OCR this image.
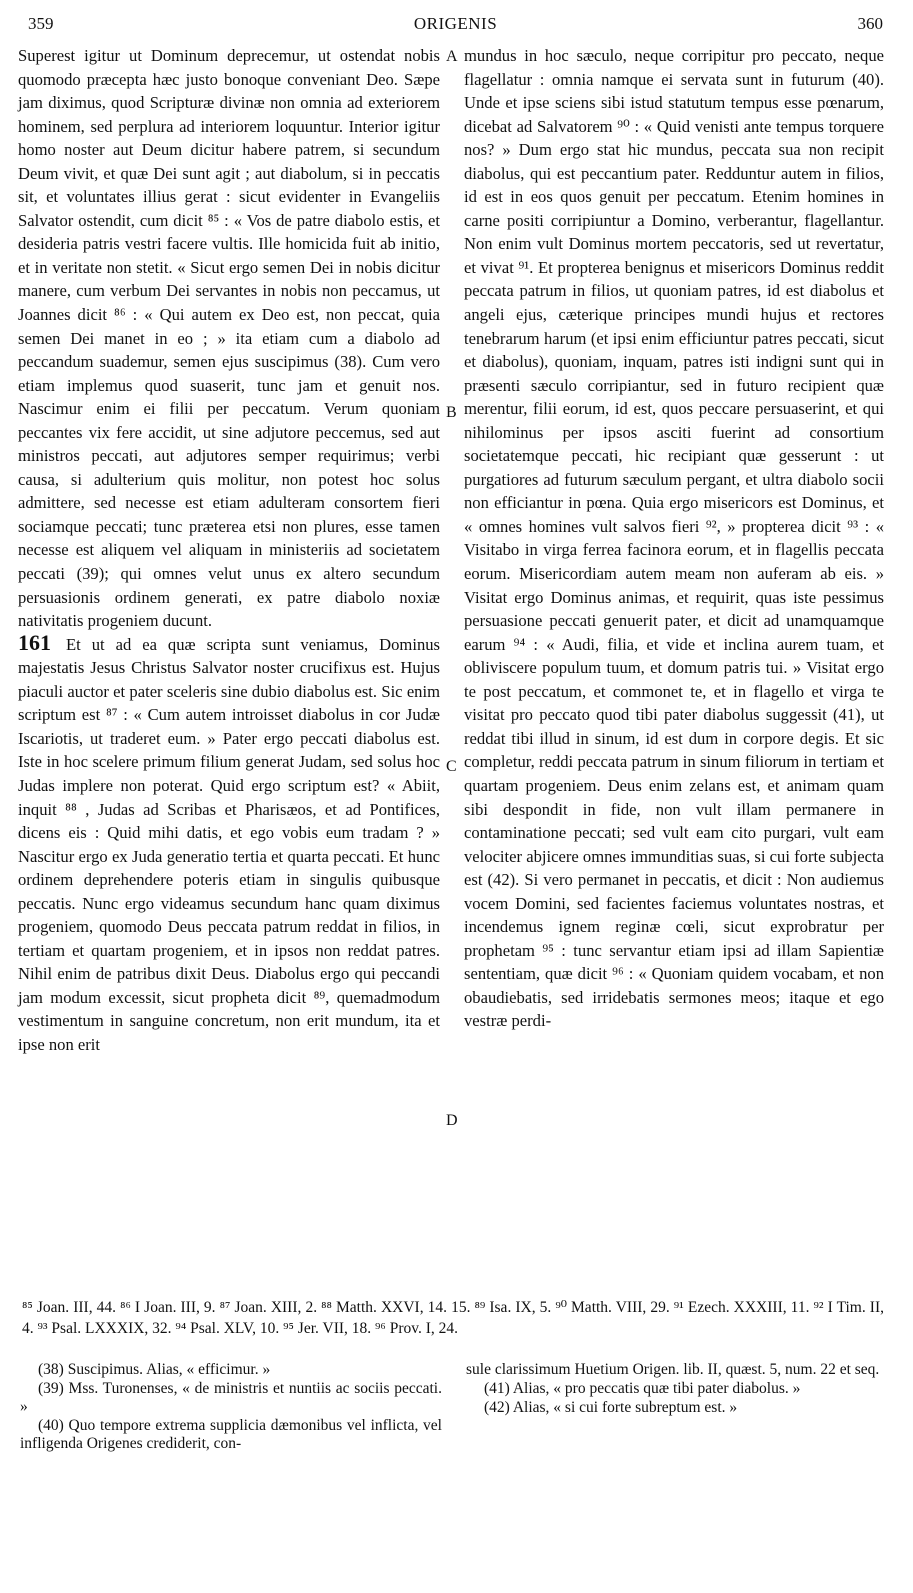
359	ORIGENIS	360

Superest igitur ut Dominum deprecemur, ut ostendat nobis quomodo præcepta hæc justo bonoque conveniant Deo. Sæpe jam diximus, quod Scripturæ divinæ non omnia ad exteriorem hominem, sed perplura ad interiorem loquuntur. Interior igitur homo noster aut Deum dicitur habere patrem, si secundum Deum vivit, et quæ Dei sunt agit ; aut diabolum, si in peccatis sit, et voluntates illius gerat : sicut evidenter in Evangeliis Salvator ostendit, cum dicit ⁸⁵ : « Vos de patre diabolo estis, et desideria patris vestri facere vultis. Ille homicida fuit ab initio, et in veritate non stetit. « Sicut ergo semen Dei in nobis dicitur manere, cum verbum Dei servantes in nobis non peccamus, ut Joannes dicit ⁸⁶ : « Qui autem ex Deo est, non peccat, quia semen Dei manet in eo ; » ita etiam cum a diabolo ad peccandum suademur, semen ejus suscipimus (38). Cum vero etiam implemus quod suaserit, tunc jam et genuit nos. Nascimur enim ei filii per peccatum. Verum quoniam peccantes vix fere accidit, ut sine adjutore peccemus, sed aut ministros peccati, aut adjutores semper requirimus; verbi causa, si adulterium quis molitur, non potest hoc solus admittere, sed necesse est etiam adulteram consortem fieri sociamque peccati; tunc præterea etsi non plures, esse tamen necesse est aliquem vel aliquam in ministeriis ad societatem peccati (39); qui omnes velut unus ex altero secundum persuasionis ordinem generati, ex patre diabolo noxiæ nativitatis progeniem ducunt.

161 Et ut ad ea quæ scripta sunt veniamus, Dominus majestatis Jesus Christus Salvator noster crucifixus est. Hujus piaculi auctor et pater sceleris sine dubio diabolus est. Sic enim scriptum est ⁸⁷ : « Cum autem introisset diabolus in cor Judæ Iscariotis, ut traderet eum. » Pater ergo peccati diabolus est. Iste in hoc scelere primum filium generat Judam, sed solus hoc Judas implere non poterat. Quid ergo scriptum est? « Abiit, inquit ⁸⁸ , Judas ad Scribas et Pharisæos, et ad Pontifices, dicens eis : Quid mihi datis, et ego vobis eum tradam ? » Nascitur ergo ex Juda generatio tertia et quarta peccati. Et hunc ordinem deprehendere poteris etiam in singulis quibusque peccatis. Nunc ergo videamus secundum hanc quam diximus progeniem, quomodo Deus peccata patrum reddat in filios, in tertiam et quartam progeniem, et in ipsos non reddat patres. Nihil enim de patribus dixit Deus. Diabolus ergo qui peccandi jam modum excessit, sicut propheta dicit ⁸⁹, quemadmodum vestimentum in sanguine concretum, non erit mundum, ita et ipse non erit

A
B
C
D

mundus in hoc sæculo, neque corripitur pro peccato, neque flagellatur : omnia namque ei servata sunt in futurum (40). Unde et ipse sciens sibi istud statutum tempus esse pœnarum, dicebat ad Salvatorem ⁹⁰ : « Quid venisti ante tempus torquere nos? » Dum ergo stat hic mundus, peccata sua non recipit diabolus, qui est peccantium pater. Redduntur autem in filios, id est in eos quos genuit per peccatum. Etenim homines in carne positi corripiuntur a Domino, verberantur, flagellantur. Non enim vult Dominus mortem peccatoris, sed ut revertatur, et vivat ⁹¹. Et propterea benignus et misericors Dominus reddit peccata patrum in filios, ut quoniam patres, id est diabolus et angeli ejus, cæterique principes mundi hujus et rectores tenebrarum harum (et ipsi enim efficiuntur patres peccati, sicut et diabolus), quoniam, inquam, patres isti indigni sunt qui in præsenti sæculo corripiantur, sed in futuro recipient quæ merentur, filii eorum, id est, quos peccare persuaserint, et qui nihilominus per ipsos asciti fuerint ad consortium societatemque peccati, hic recipiant quæ gesserunt : ut purgatiores ad futurum sæculum pergant, et ultra diabolo socii non efficiantur in pœna. Quia ergo misericors est Dominus, et « omnes homines vult salvos fieri ⁹², » propterea dicit ⁹³ : « Visitabo in virga ferrea facinora eorum, et in flagellis peccata eorum. Misericordiam autem meam non auferam ab eis. » Visitat ergo Dominus animas, et requirit, quas iste pessimus persuasione peccati genuerit pater, et dicit ad unamquamque earum ⁹⁴ : « Audi, filia, et vide et inclina aurem tuam, et obliviscere populum tuum, et domum patris tui. » Visitat ergo te post peccatum, et commonet te, et in flagello et virga te visitat pro peccato quod tibi pater diabolus suggessit (41), ut reddat tibi illud in sinum, id est dum in corpore degis. Et sic completur, reddi peccata patrum in sinum filiorum in tertiam et quartam progeniem. Deus enim zelans est, et animam quam sibi despondit in fide, non vult illam permanere in contaminatione peccati; sed vult eam cito purgari, vult eam velociter abjicere omnes immunditias suas, si cui forte subjecta est (42). Si vero permanet in peccatis, et dicit : Non audiemus vocem Domini, sed facientes faciemus voluntates nostras, et incendemus ignem reginæ cœli, sicut exprobratur per prophetam ⁹⁵ : tunc servantur etiam ipsi ad illam Sapientiæ sententiam, quæ dicit ⁹⁶ : « Quoniam quidem vocabam, et non obaudiebatis, sed irridebatis sermones meos; itaque et ego vestræ perdi-

⁸⁵ Joan. III, 44. ⁸⁶ I Joan. III, 9. ⁸⁷ Joan. XIII, 2. ⁸⁸ Matth. XXVI, 14. 15. ⁸⁹ Isa. IX, 5. ⁹⁰ Matth. VIII, 29. ⁹¹ Ezech. XXXIII, 11. ⁹² I Tim. II, 4. ⁹³ Psal. LXXXIX, 32. ⁹⁴ Psal. XLV, 10. ⁹⁵ Jer. VII, 18. ⁹⁶ Prov. I, 24.

(38) Suscipimus. Alias, « efficimur. »

(39) Mss. Turonenses, « de ministris et nuntiis ac sociis peccati. »

(40) Quo tempore extrema supplicia dæmonibus vel inflicta, vel infligenda Origenes crediderit, con-

sule clarissimum Huetium Origen. lib. II, quæst. 5, num. 22 et seq.

(41) Alias, « pro peccatis quæ tibi pater diabolus. »

(42) Alias, « si cui forte subreptum est. »
